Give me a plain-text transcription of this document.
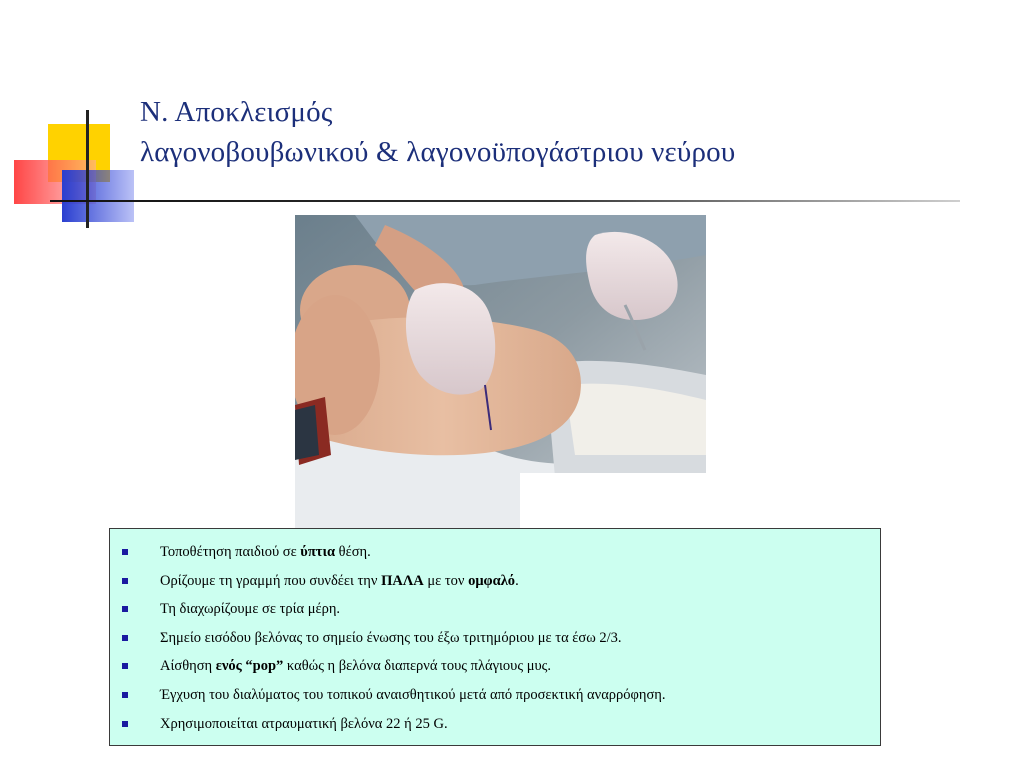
Ν. Αποκλεισμός
λαγονοβουβωνικού & λαγονοϋπογάστριου νεύρου
Τοποθέτηση παιδιού σε ύπτια θέση.
Ορίζουμε τη γραμμή που συνδέει την ΠΑΛΑ με τον ομφαλό.
Τη διαχωρίζουμε σε τρία μέρη.
Σημείο εισόδου βελόνας το σημείο ένωσης του έξω τριτημόριου με τα έσω 2/3.
Αίσθηση ενός “pop” καθώς η βελόνα διαπερνά τους πλάγιους μυς.
Έγχυση του διαλύματος του τοπικού αναισθητικού μετά από προσεκτική αναρρόφηση.
Χρησιμοποιείται ατραυματική βελόνα 22 ή 25 G.
